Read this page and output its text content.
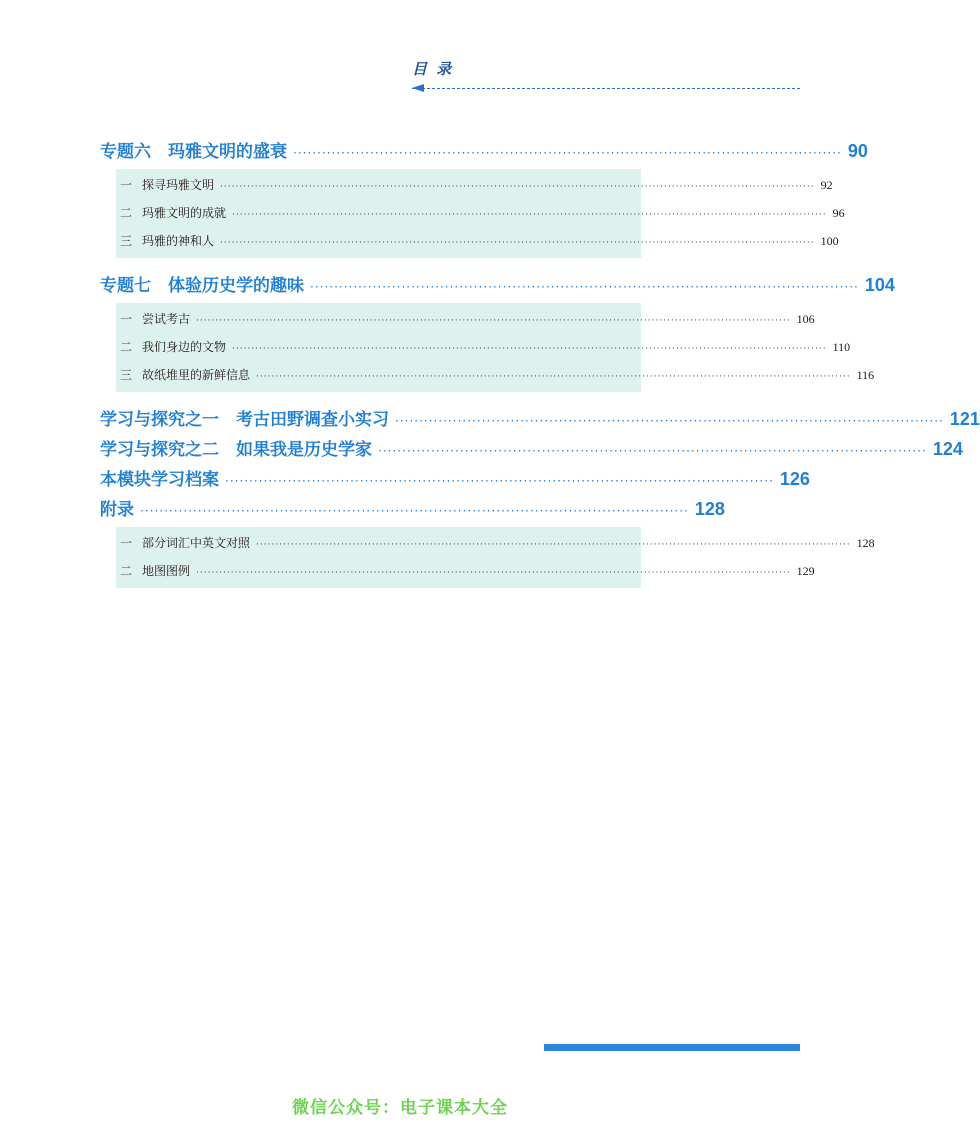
目 录
专题六　玛雅文明的盛衰 ·················································································································· 90
一 探寻玛雅文明 ·························································································································································· 92
二 玛雅文明的成就 ·························································································································································· 96
三 玛雅的神和人 ·························································································································································· 100
专题七　体验历史学的趣味 ·················································································································· 104
一 尝试考古 ·························································································································································· 106
二 我们身边的文物 ·························································································································································· 110
三 故纸堆里的新鲜信息 ·························································································································································· 116
学习与探究之一　考古田野调查小实习 ·················································································································· 121
学习与探究之二　如果我是历史学家 ·················································································································· 124
本模块学习档案 ·················································································································· 126
附录 ·················································································································· 128
一 部分词汇中英文对照 ·························································································································································· 128
二 地图图例 ·························································································································································· 129
微信公众号：电子课本大全
